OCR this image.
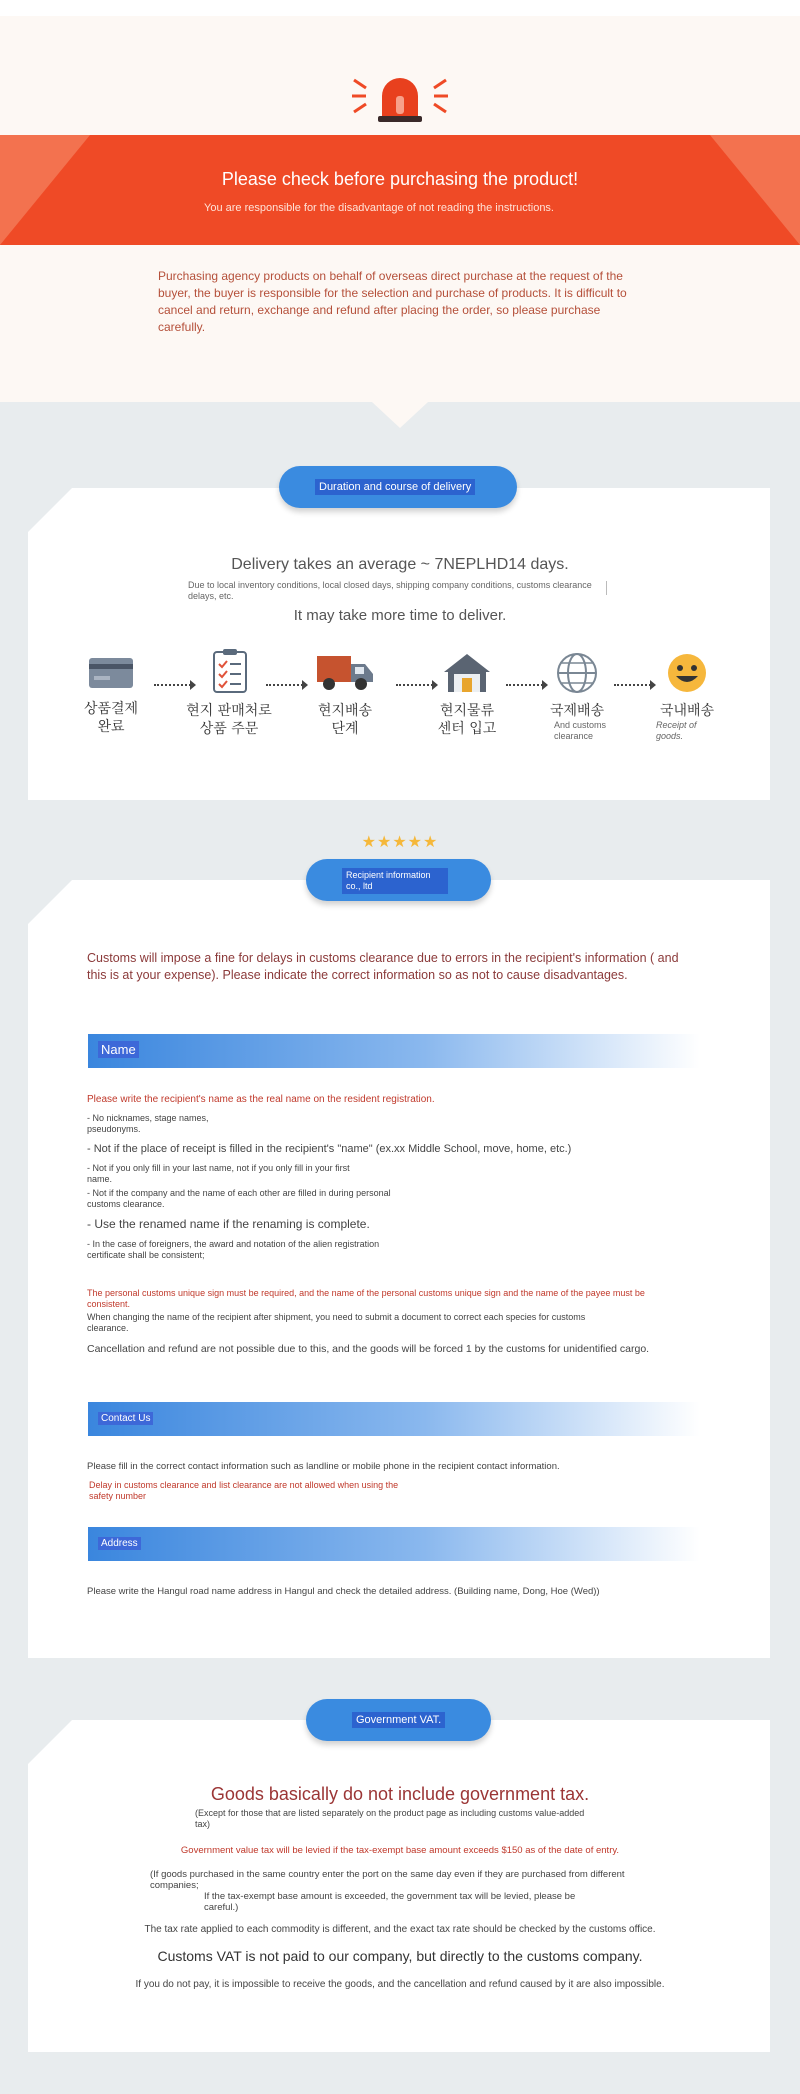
Please check before purchasing the product!
You are responsible for the disadvantage of not reading the instructions.
Purchasing agency products on behalf of overseas direct purchase at the request of the buyer, the buyer is responsible for the selection and purchase of products. It is difficult to cancel and return, exchange and refund after placing the order, so please purchase carefully.
Duration and course of delivery
Delivery takes an average ~ 7NEPLHD14 days.
Due to local inventory conditions, local closed days, shipping company conditions, customs clearance delays, etc.
It may take more time to deliver.
상품결제
완료
현지 판매처로
상품 주문
현지배송
단계
현지물류
센터 입고
국제배송
And customs clearance
국내배송
Receipt of goods.
★★★★★
Recipient information co., ltd
Customs will impose a fine for delays in customs clearance due to errors in the recipient's information ( and this is at your expense). Please indicate the correct information so as not to cause disadvantages.
Name
Please write the recipient's name as the real name on the resident registration.
- No nicknames, stage names, pseudonyms.
- Not if the place of receipt is filled in the recipient's "name" (ex.xx Middle School, move, home, etc.)
- Not if you only fill in your last name, not if you only fill in your first name.
- Not if the company and the name of each other are filled in during personal customs clearance.
- Use the renamed name if the renaming is complete.
- In the case of foreigners, the award and notation of the alien registration certificate shall be consistent;
The personal customs unique sign must be required, and the name of the personal customs unique sign and the name of the payee must be consistent.
When changing the name of the recipient after shipment, you need to submit a document to correct each species for customs clearance.
Cancellation and refund are not possible due to this, and the goods will be forced 1 by the customs for unidentified cargo.
Contact Us
Please fill in the correct contact information such as landline or mobile phone in the recipient contact information.
Delay in customs clearance and list clearance are not allowed when using the safety number
Address
Please write the Hangul road name address in Hangul and check the detailed address. (Building name, Dong, Hoe (Wed))
Government VAT.
Goods basically do not include government tax.
(Except for those that are listed separately on the product page as including customs value-added tax)
Government value tax will be levied if the tax-exempt base amount exceeds $150 as of the date of entry.
(If goods purchased in the same country enter the port on the same day even if they are purchased from different companies;
If the tax-exempt base amount is exceeded, the government tax will be levied, please be careful.)
The tax rate applied to each commodity is different, and the exact tax rate should be checked by the customs office.
Customs VAT is not paid to our company, but directly to the customs company.
If you do not pay, it is impossible to receive the goods, and the cancellation and refund caused by it are also impossible.
